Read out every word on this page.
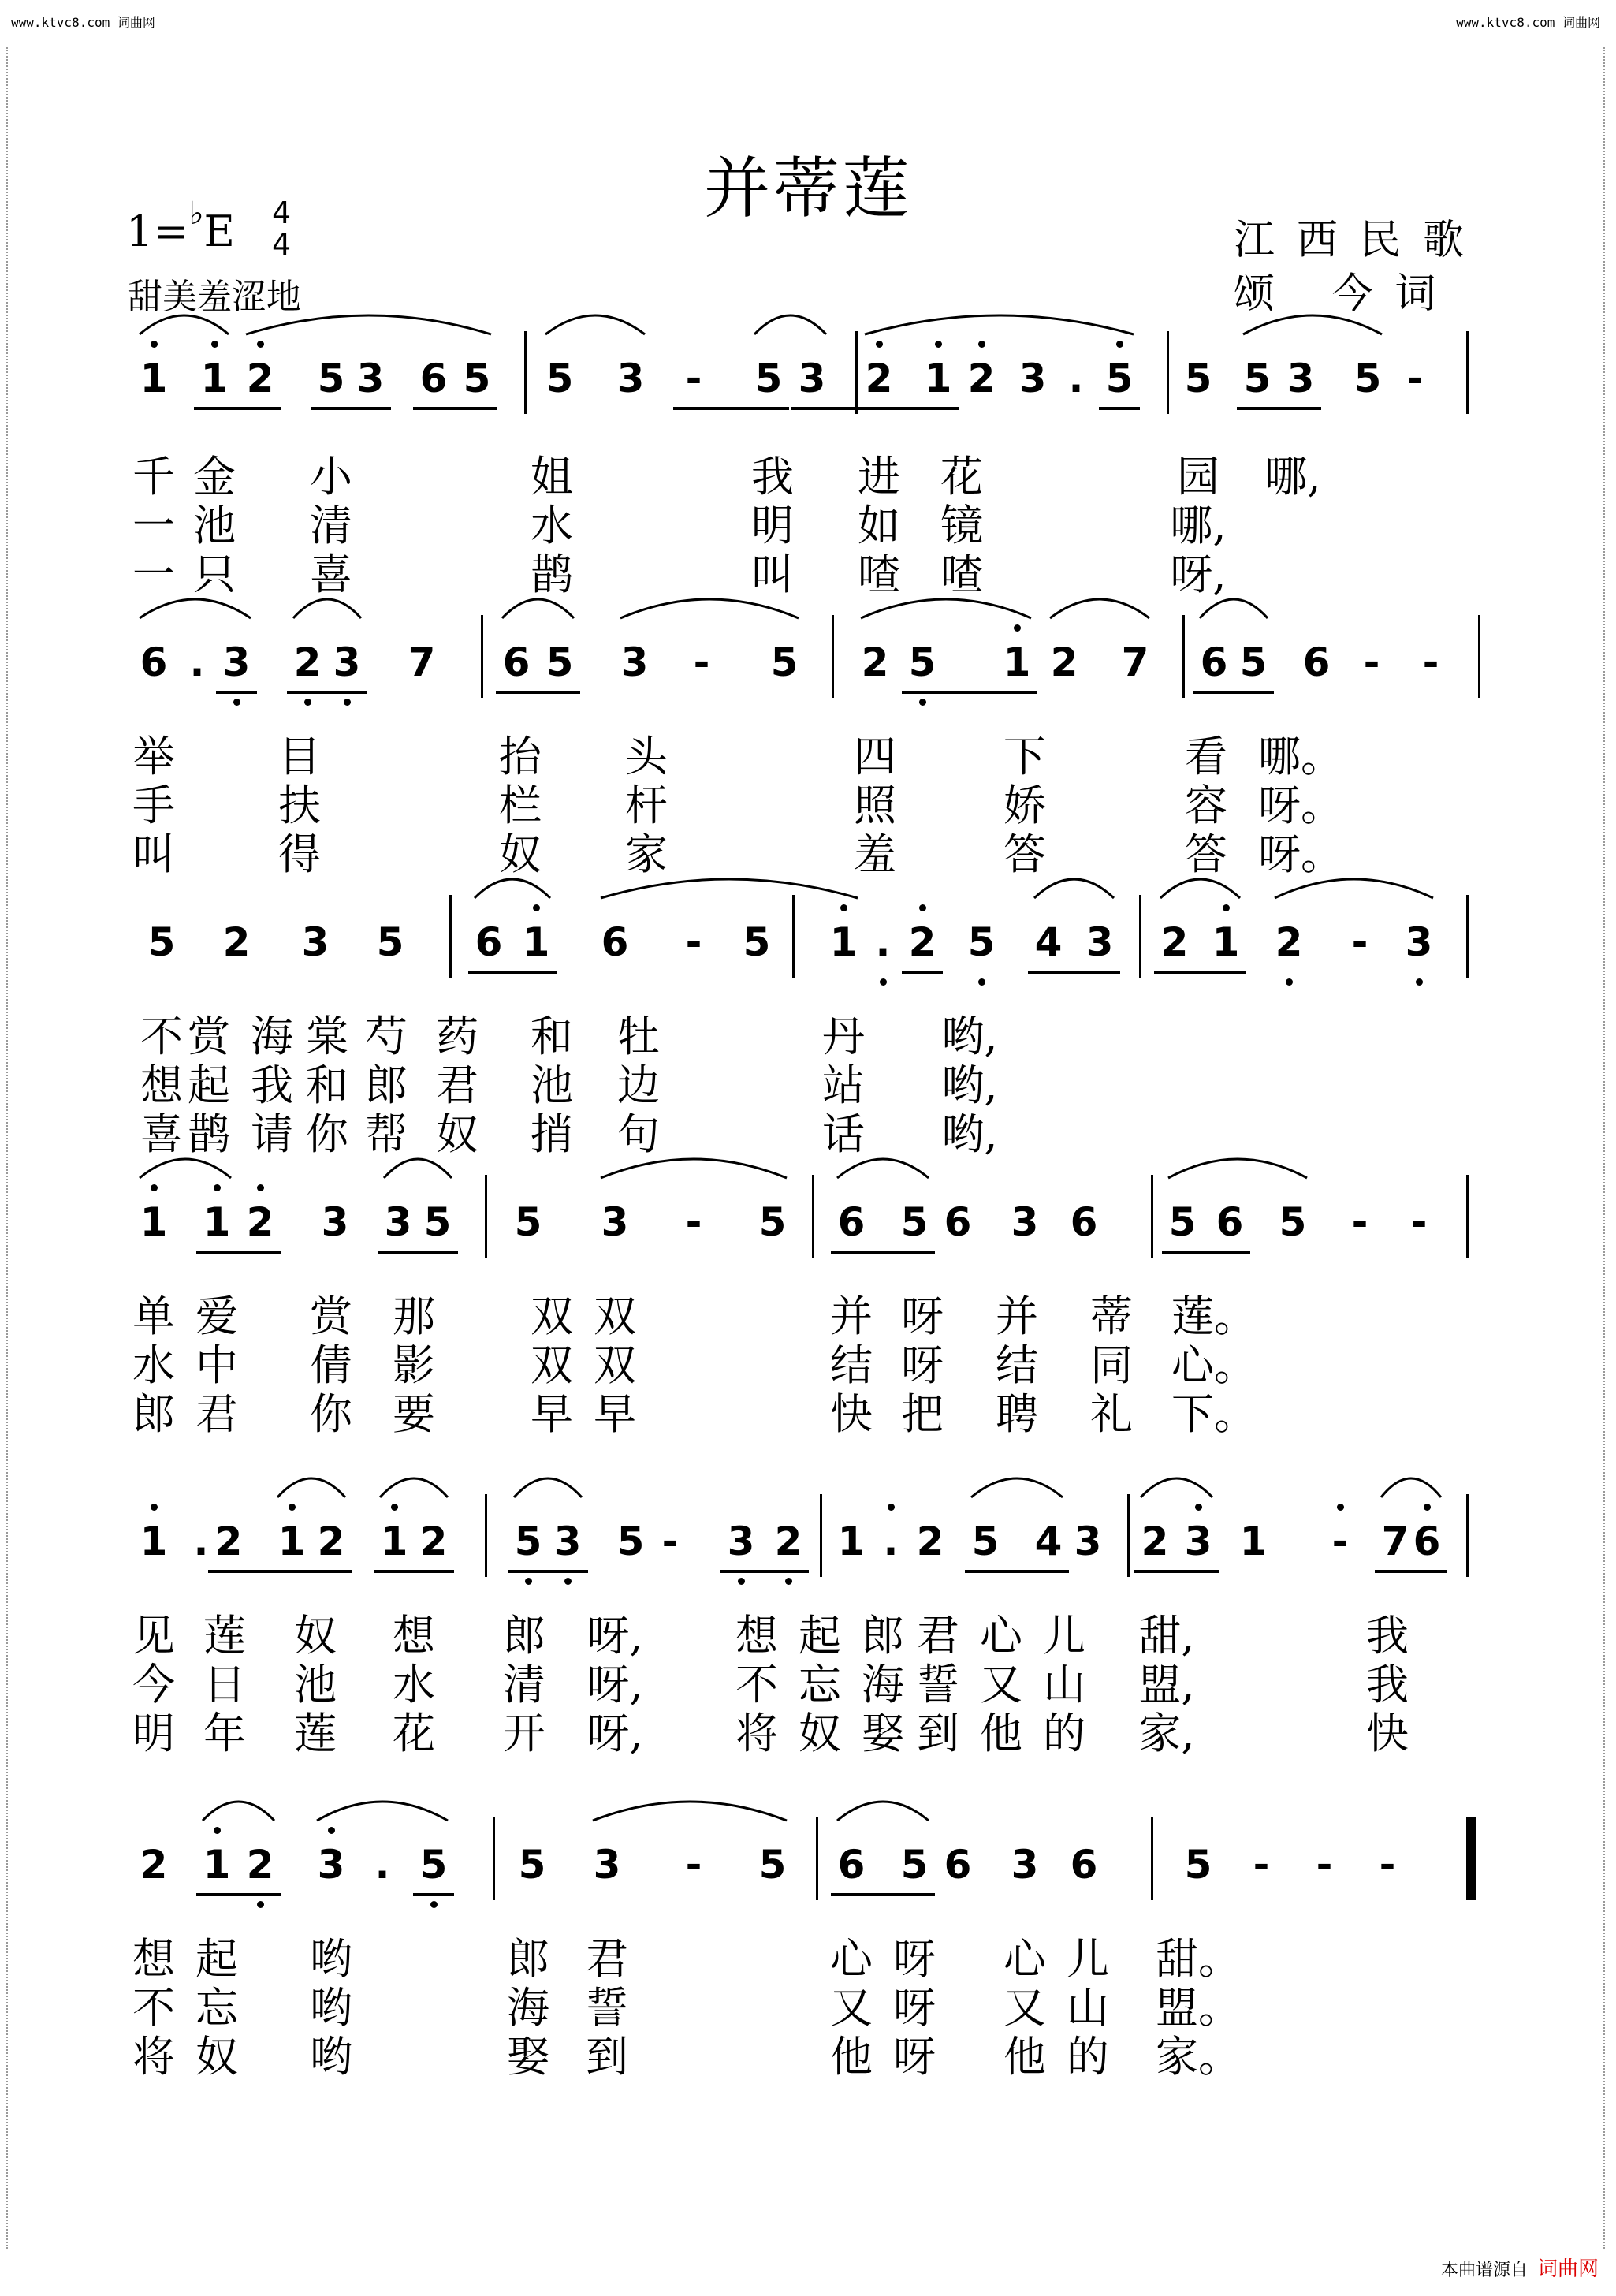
www.ktvc8.com 词曲网	www.ktvc8.com 词曲网
并蒂莲
1=♭E 4
4
甜美羞涩地
江西民歌
颂 今词
1 1 2 5 3 6 5 5 3 - 5 3 2 1 2 3 . 5 5 5 3 5 -
千 金 小	姐	我 进 花	园 哪,
一 池 清	水	明 如 镜	哪,
一 只 喜	鹊	叫 喳 喳	呀,
6 . 3 2 3 7 6 5 3 - 5 2 5 1 2 7 6 5 6 - -
举 目	抬 头	四	下	看 哪。
手 扶	栏 杆	照	娇	容 呀。
叫 得	奴 家	羞	答	答 呀。
5 2 3 5 6 1 6 - 5 1 . 2 5 4 3 2 1 2 - 3
不 赏 海 棠 芍 药 和 牡	丹 哟,
想 起 我 和 郎 君 池 边	站 哟,
喜 鹊 请 你 帮 奴 捎 句	话 哟,
1 1 2 3 3 5 5 3 - 5 6 5 6 3 6 5 6 5 - -
单 爱 赏 那 双 双	并 呀 并 蒂 莲。
水 中 倩 影 双 双	结 呀 结 同 心。
郎 君 你 要 早 早	快 把 聘 礼 下。
1 . 2 1 2 1 2 5 3 5 - 3 2 1 . 2 5 4 3 2 3 1 - 7 6
见 莲 奴 想 郎 呀, 想 起 郎 君 心 儿 甜,	我
今 日 池 水 清 呀, 不 忘 海 誓 又 山 盟,	我
明 年 莲 花 开 呀, 将 奴 娶 到 他 的 家,	快
2 1 2 3 . 5 5 3 - 5 6 5 6 3 6 5 - - -
想 起 哟	郎 君	心 呀 心 儿 甜。
不 忘 哟	海 誓	又 呀 又 山 盟。
将 奴 哟	娶 到	他 呀 他 的 家。
本曲谱源自 词曲网
